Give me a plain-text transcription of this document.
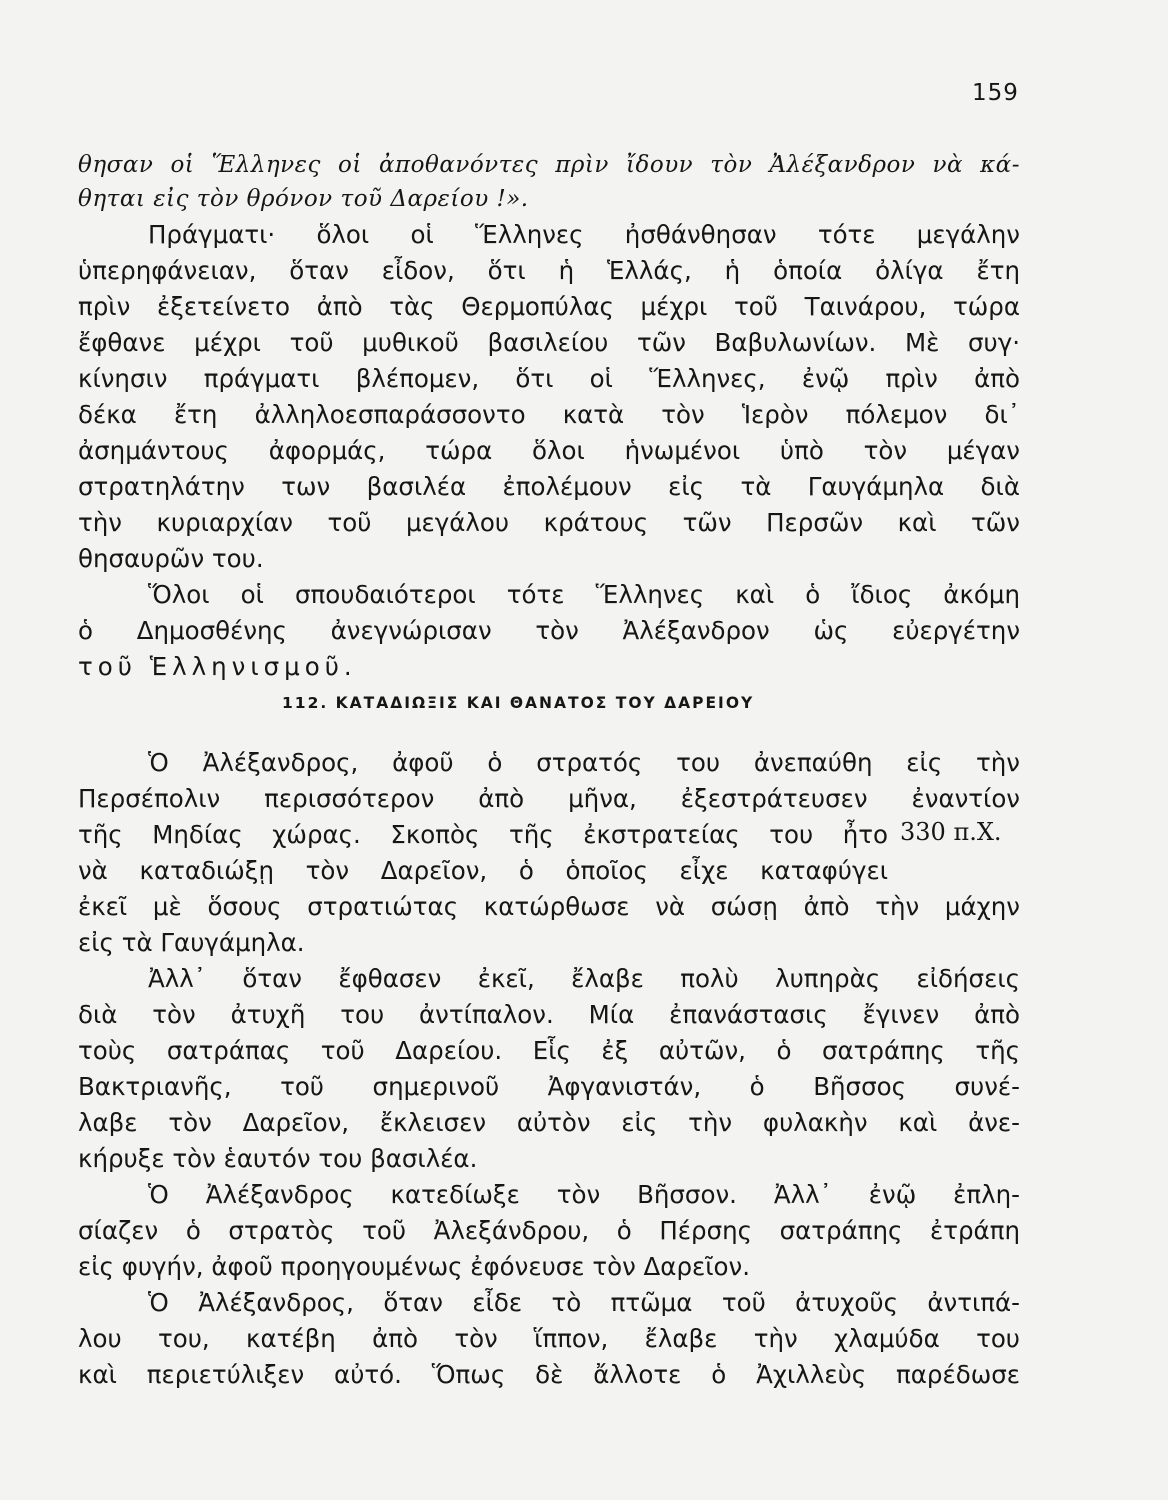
159
θησαν οἱ Ἕλληνες οἱ ἀποθανόντες πρὶν ἴδουν τὸν Ἀλέξανδρον νὰ κά-
θηται εἰς τὸν θρόνον τοῦ Δαρείου !».
Πράγματι· ὅλοι οἱ Ἕλληνες ἠσθάνθησαν τότε μεγάλην
ὑπερηφάνειαν, ὅταν εἶδον, ὅτι ἡ Ἑλλάς, ἡ ὁποία ὀλίγα ἔτη
πρὶν ἐξετείνετο ἀπὸ τὰς Θερμοπύλας μέχρι τοῦ Ταινάρου, τώρα
ἔφθανε μέχρι τοῦ μυθικοῦ βασιλείου τῶν Βαβυλωνίων. Μὲ συγ·
κίνησιν πράγματι βλέπομεν, ὅτι οἱ Ἕλληνες, ἐνῷ πρὶν ἀπὸ
δέκα ἔτη ἀλληλοεσπαράσσοντο κατὰ τὸν Ἱερὸν πόλεμον δι᾽
ἀσημάντους ἀφορμάς, τώρα ὅλοι ἡνωμένοι ὑπὸ τὸν μέγαν
στρατηλάτην των βασιλέα ἐπολέμουν εἰς τὰ Γαυγάμηλα διὰ
τὴν κυριαρχίαν τοῦ μεγάλου κράτους τῶν Περσῶν καὶ τῶν
θησαυρῶν του.
Ὅλοι οἱ σπουδαιότεροι τότε Ἕλληνες καὶ ὁ ἴδιος ἀκόμη
ὁ Δημοσθένης ἀνεγνώρισαν τὸν Ἀλέξανδρον ὡς εὐεργέτην
τοῦ Ἑλληνισμοῦ.
Ὁ Ἀλέξανδρος, ἀφοῦ ὁ στρατός του ἀνεπαύθη εἰς τὴν
Περσέπολιν περισσότερον ἀπὸ μῆνα, ἐξεστράτευσεν ἐναντίον
τῆς Μηδίας χώρας. Σκοπὸς τῆς ἐκστρατείας του ἦτο
νὰ καταδιώξῃ τὸν Δαρεῖον, ὁ ὁποῖος εἶχε καταφύγει
ἐκεῖ μὲ ὅσους στρατιώτας κατώρθωσε νὰ σώσῃ ἀπὸ τὴν μάχην
εἰς τὰ Γαυγάμηλα.
Ἀλλ᾽ ὅταν ἔφθασεν ἐκεῖ, ἔλαβε πολὺ λυπηρὰς εἰδήσεις
διὰ τὸν ἀτυχῆ του ἀντίπαλον. Μία ἐπανάστασις ἔγινεν ἀπὸ
τοὺς σατράπας τοῦ Δαρείου. Εἷς ἐξ αὐτῶν, ὁ σατράπης τῆς
Βακτριανῆς, τοῦ σημερινοῦ Ἀφγανιστάν, ὁ Βῆσσος συνέ-
λαβε τὸν Δαρεῖον, ἔκλεισεν αὐτὸν εἰς τὴν φυλακὴν καὶ ἀνε-
κήρυξε τὸν ἑαυτόν του βασιλέα.
Ὁ Ἀλέξανδρος κατεδίωξε τὸν Βῆσσον. Ἀλλ᾽ ἐνῷ ἐπλη-
σίαζεν ὁ στρατὸς τοῦ Ἀλεξάνδρου, ὁ Πέρσης σατράπης ἐτράπη
εἰς φυγήν, ἀφοῦ προηγουμένως ἐφόνευσε τὸν Δαρεῖον.
Ὁ Ἀλέξανδρος, ὅταν εἶδε τὸ πτῶμα τοῦ ἀτυχοῦς ἀντιπά-
λου του, κατέβη ἀπὸ τὸν ἵππον, ἔλαβε τὴν χλαμύδα του
καὶ περιετύλιξεν αὐτό. Ὅπως δὲ ἄλλοτε ὁ Ἀχιλλεὺς παρέδωσε
112. ΚΑΤΑΔΙΩΞΙΣ ΚΑΙ ΘΑΝΑΤΟΣ ΤΟΥ ΔΑΡΕΙΟΥ
330 π.Χ.
